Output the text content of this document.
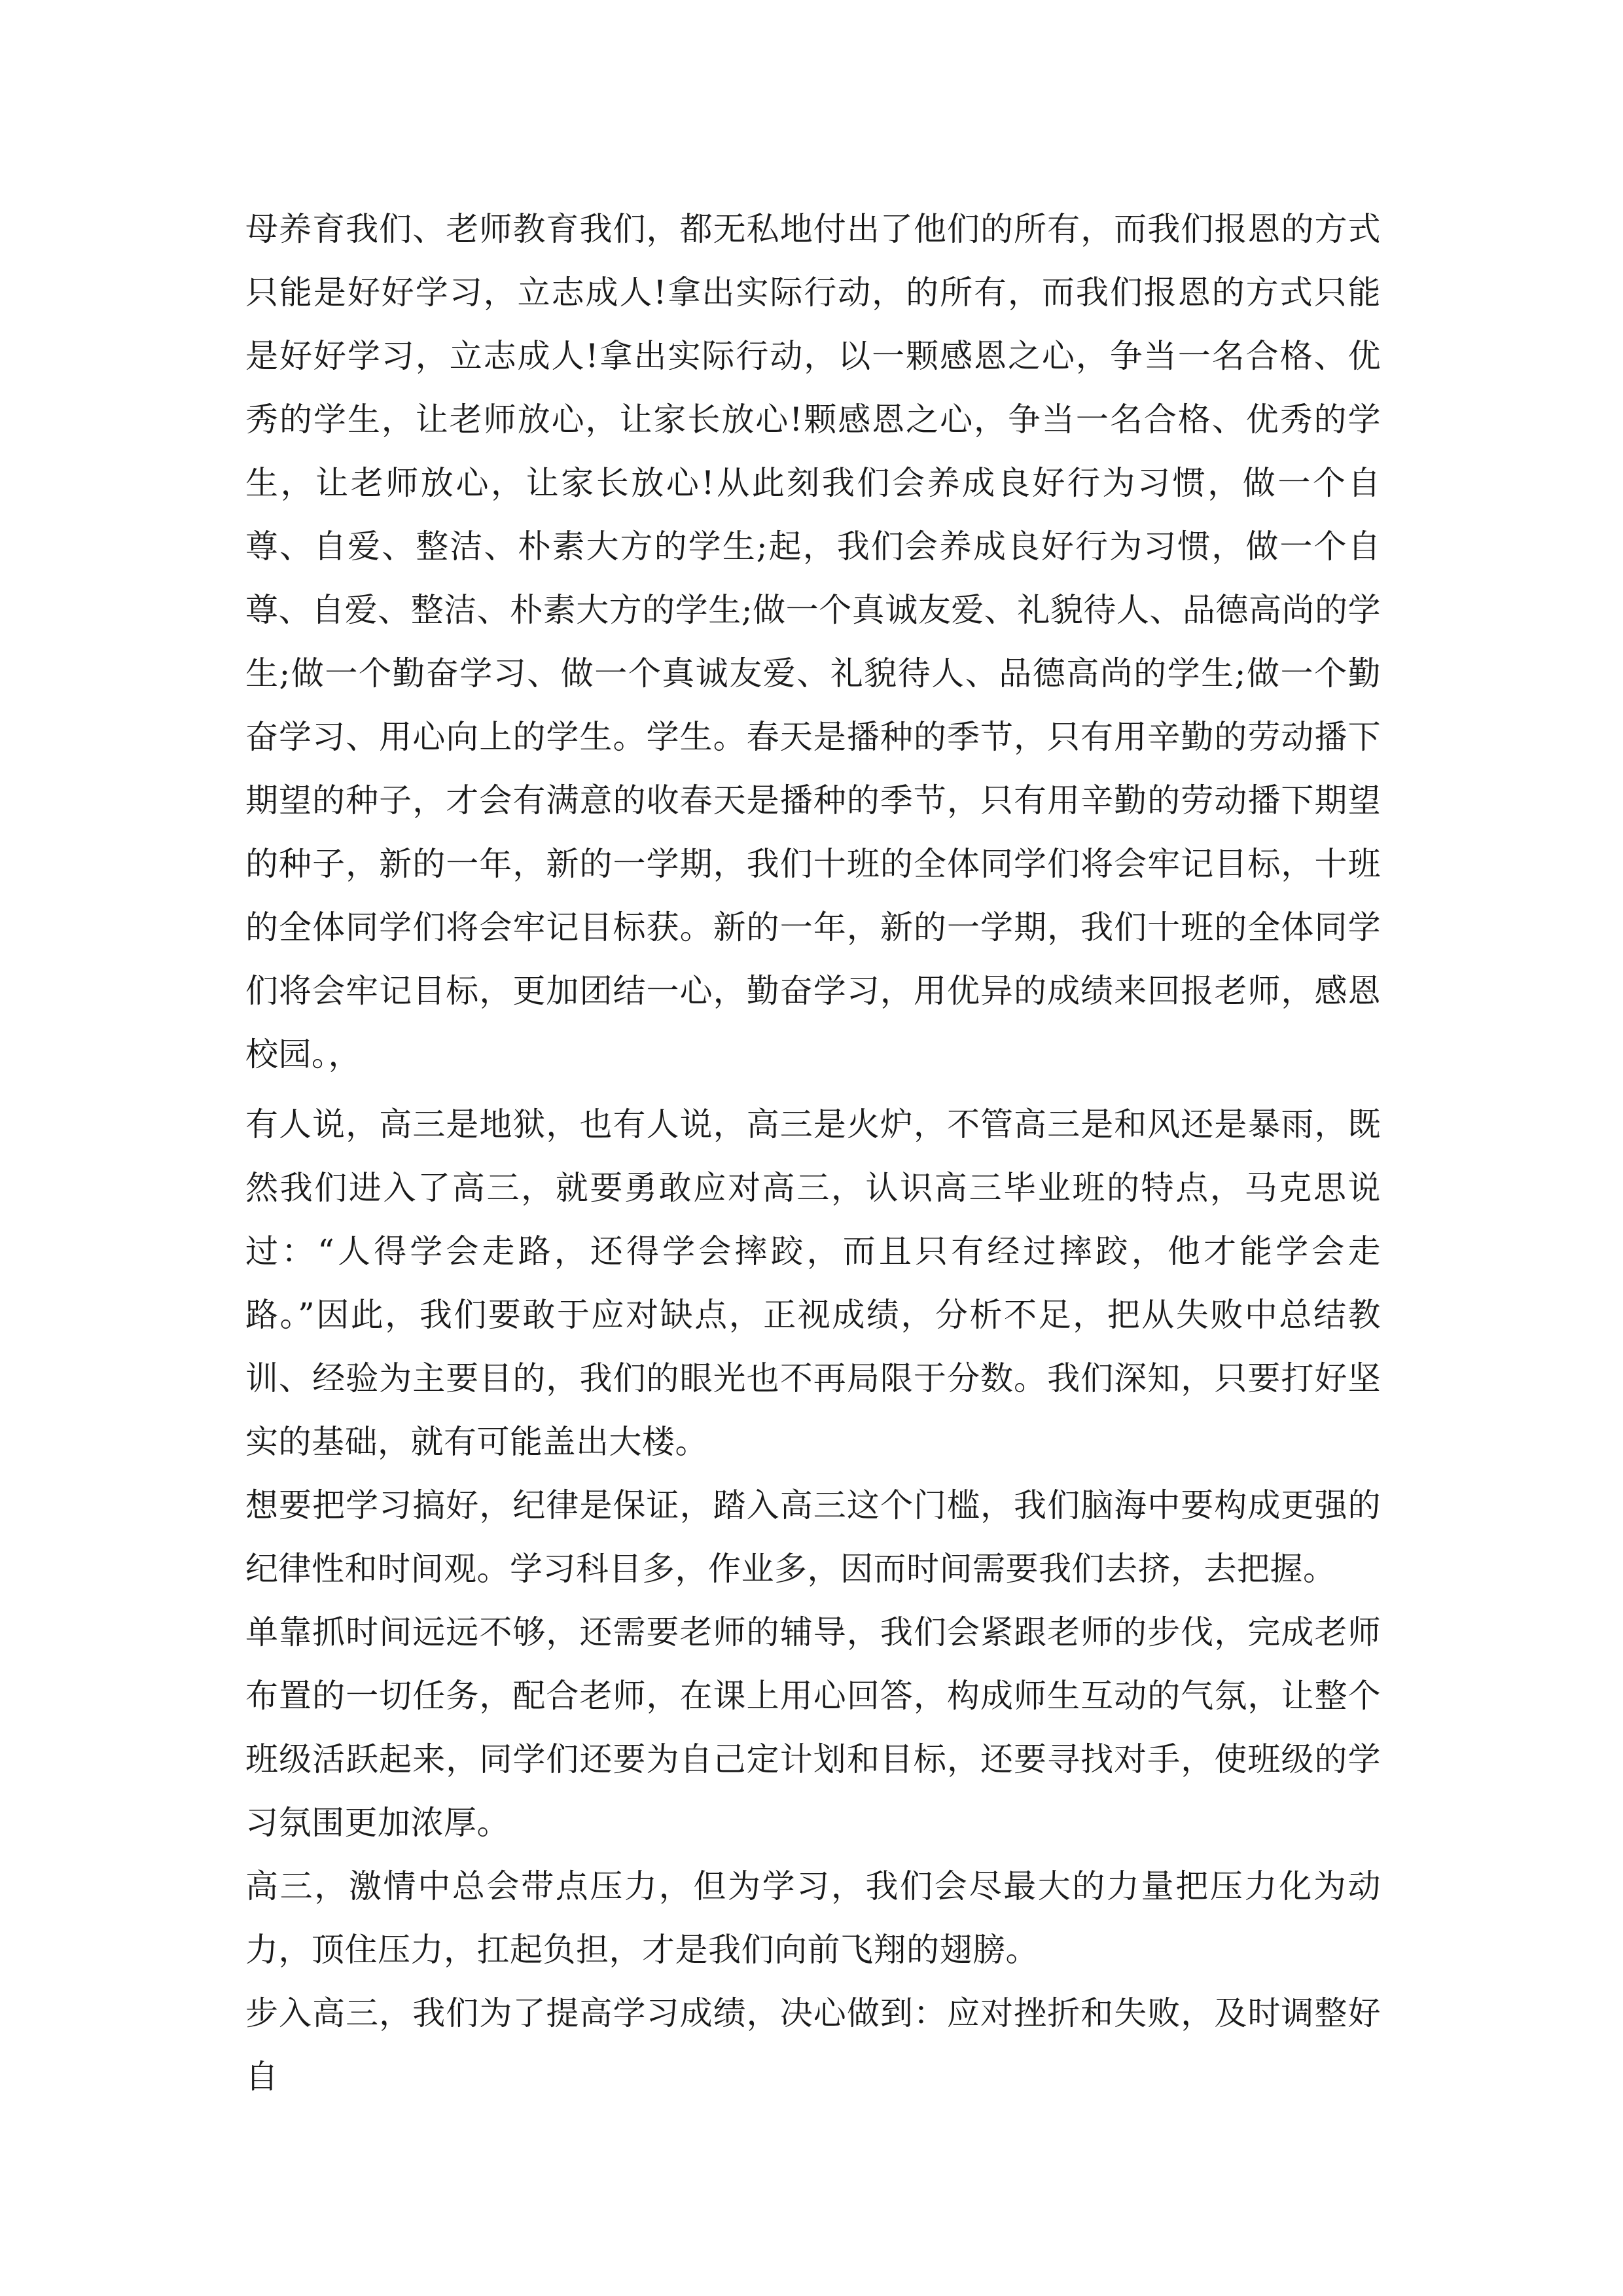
母养育我们、老师教育我们，都无私地付出了他们的所有，而我们报恩的方式只能是好好学习，立志成人!拿出实际行动，的所有，而我们报恩的方式只能是好好学习，立志成人!拿出实际行动，以一颗感恩之心，争当一名合格、优秀的学生，让老师放心，让家长放心!颗感恩之心，争当一名合格、优秀的学生，让老师放心，让家长放心!从此刻我们会养成良好行为习惯，做一个自尊、自爱、整洁、朴素大方的学生;起，我们会养成良好行为习惯，做一个自尊、自爱、整洁、朴素大方的学生;做一个真诚友爱、礼貌待人、品德高尚的学生;做一个勤奋学习、做一个真诚友爱、礼貌待人、品德高尚的学生;做一个勤奋学习、用心向上的学生。学生。春天是播种的季节，只有用辛勤的劳动播下期望的种子，才会有满意的收春天是播种的季节，只有用辛勤的劳动播下期望的种子，新的一年，新的一学期，我们十班的全体同学们将会牢记目标，十班的全体同学们将会牢记目标获。新的一年，新的一学期，我们十班的全体同学们将会牢记目标，更加团结一心，勤奋学习，用优异的成绩来回报老师，感恩校园。，

有人说，高三是地狱，也有人说，高三是火炉，不管高三是和风还是暴雨，既然我们进入了高三，就要勇敢应对高三，认识高三毕业班的特点，马克思说过：“人得学会走路，还得学会摔跤，而且只有经过摔跤，他才能学会走路。”因此，我们要敢于应对缺点，正视成绩，分析不足，把从失败中总结教训、经验为主要目的，我们的眼光也不再局限于分数。我们深知，只要打好坚实的基础，就有可能盖出大楼。

想要把学习搞好，纪律是保证，踏入高三这个门槛，我们脑海中要构成更强的纪律性和时间观。学习科目多，作业多，因而时间需要我们去挤，去把握。

单靠抓时间远远不够，还需要老师的辅导，我们会紧跟老师的步伐，完成老师布置的一切任务，配合老师，在课上用心回答，构成师生互动的气氛，让整个班级活跃起来，同学们还要为自己定计划和目标，还要寻找对手，使班级的学习氛围更加浓厚。

高三，激情中总会带点压力，但为学习，我们会尽最大的力量把压力化为动力，顶住压力，扛起负担，才是我们向前飞翔的翅膀。

步入高三，我们为了提高学习成绩，决心做到：应对挫折和失败，及时调整好自
